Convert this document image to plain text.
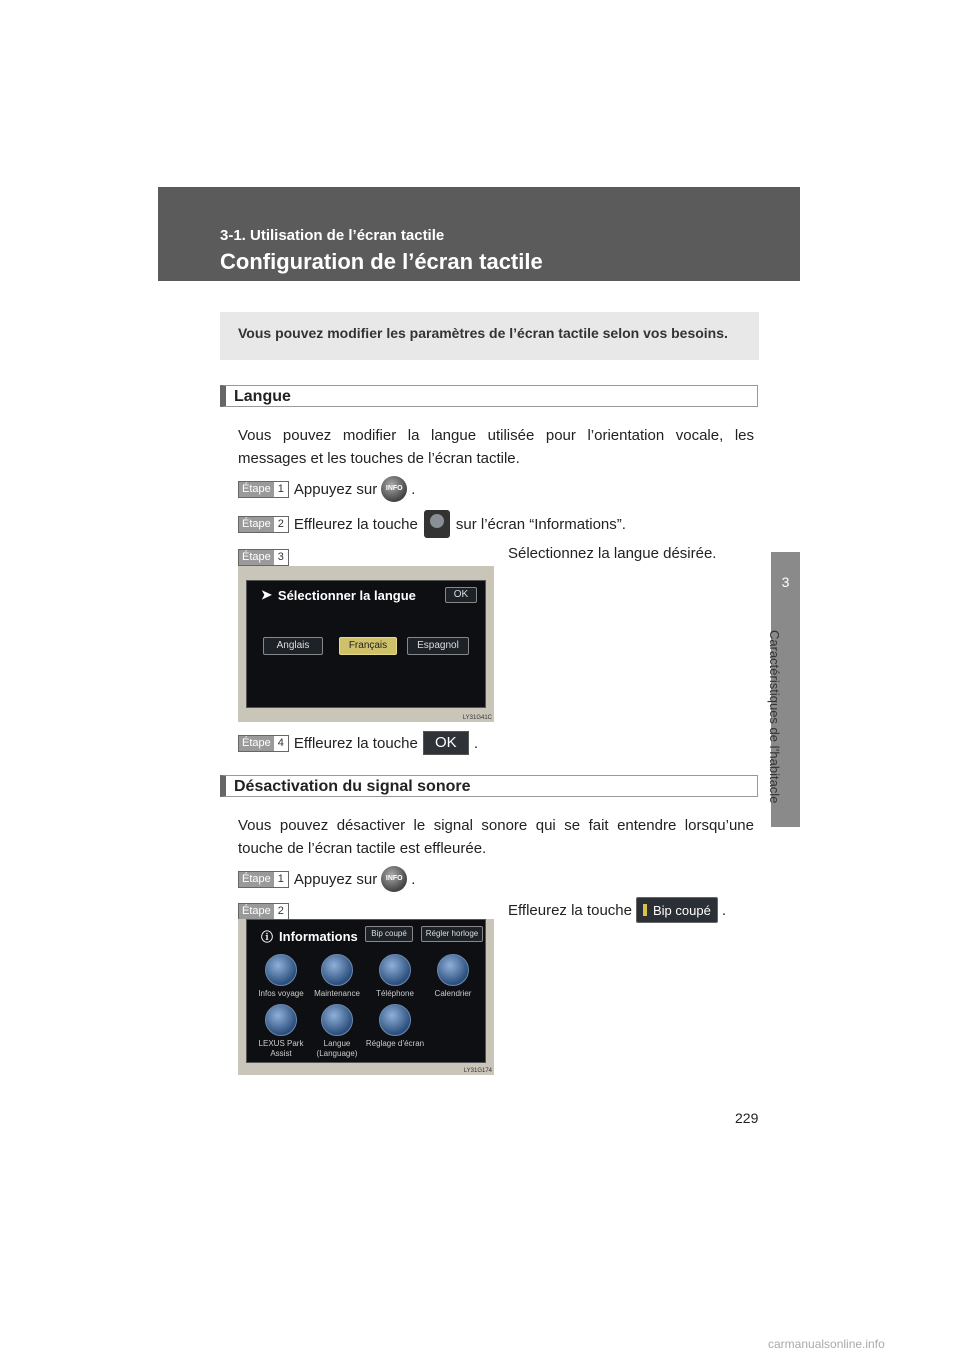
3-1. Utilisation de l’écran tactile
Configuration de l’écran tactile
3
Caractéristiques de l’habitacle
Vous pouvez modifier les paramètres de l’écran tactile selon vos besoins.
Langue
Vous pouvez modifier la langue utilisée pour l’orientation vocale, les messages et les touches de l’écran tactile.
Étape 1 Appuyez sur	INFO .
Étape 2 Effleurez la touche	sur l’écran “Informations”.
Étape 3	Sélectionnez la langue désirée.
➤ Sélectionner la langue	OK
Anglais	Français	Espagnol
LY31G41C
Étape 4 Effleurez la touche	OK	.
Désactivation du signal sonore
Vous pouvez désactiver le signal sonore qui se fait entendre lorsqu’une touche de l’écran tactile est effleurée.
Étape 1 Appuyez sur	INFO .
Étape 2	Effleurez la touche Bip coupé .
ⓘ Informations	Bip coupé	Régler horloge
Infos voyage	Maintenance	Téléphone	Calendrier
LEXUS Park Assist
Langue (Language)
Réglage d’écran
LY31G174
229
carmanualsonline.info
